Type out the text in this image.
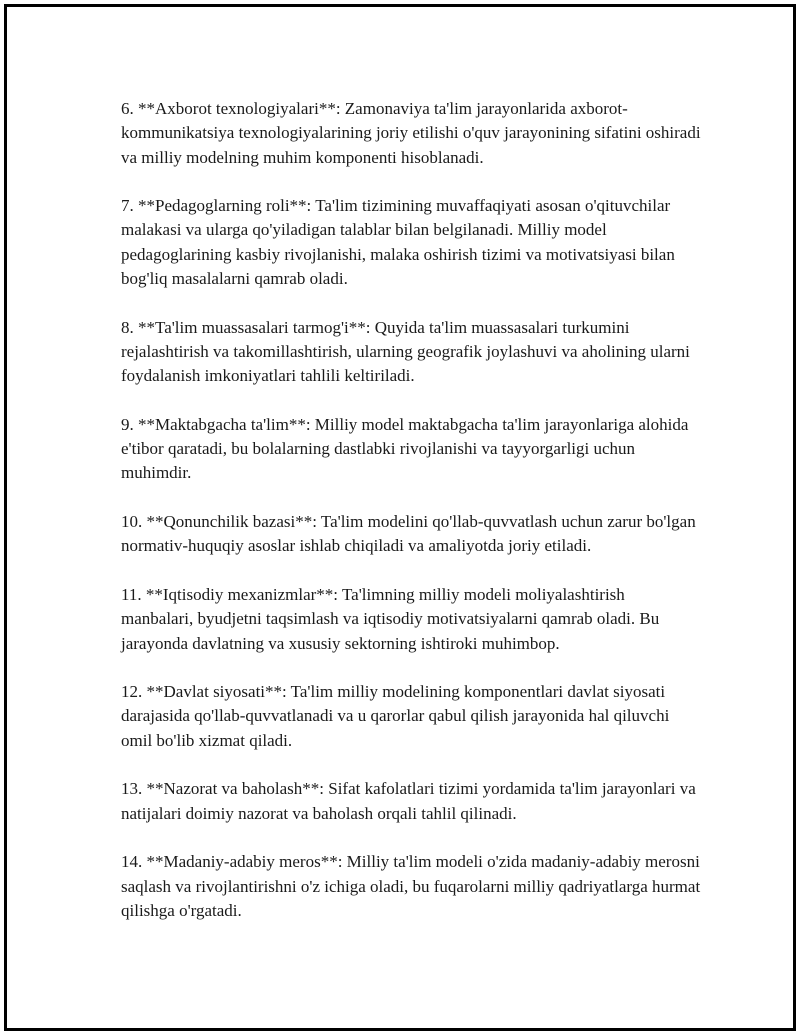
6. **Axborot texnologiyalari**: Zamonaviya ta'lim jarayonlarida axborot-kommunikatsiya texnologiyalarining joriy etilishi o'quv jarayonining sifatini oshiradi va milliy modelning muhim komponenti hisoblanadi.

7. **Pedagoglarning roli**: Ta'lim tizimining muvaffaqiyati asosan o'qituvchilar malakasi va ularga qo'yiladigan talablar bilan belgilanadi. Milliy model pedagoglarining kasbiy rivojlanishi, malaka oshirish tizimi va motivatsiyasi bilan bog'liq masalalarni qamrab oladi.

8. **Ta'lim muassasalari tarmog'i**: Quyida ta'lim muassasalari turkumini rejalashtirish va takomillashtirish, ularning geografik joylashuvi va aholining ularni foydalanish imkoniyatlari tahlili keltiriladi.

9. **Maktabgacha ta'lim**: Milliy model maktabgacha ta'lim jarayonlariga alohida e'tibor qaratadi, bu bolalarning dastlabki rivojlanishi va tayyorgarligi uchun muhimdir.

10. **Qonunchilik bazasi**: Ta'lim modelini qo'llab-quvvatlash uchun zarur bo'lgan normativ-huquqiy asoslar ishlab chiqiladi va amaliyotda joriy etiladi.

11. **Iqtisodiy mexanizmlar**: Ta'limning milliy modeli moliyalashtirish manbalari, byudjetni taqsimlash va iqtisodiy motivatsiyalarni qamrab oladi. Bu jarayonda davlatning va xususiy sektorning ishtiroki muhimbop.

12. **Davlat siyosati**: Ta'lim milliy modelining komponentlari davlat siyosati darajasida qo'llab-quvvatlanadi va u qarorlar qabul qilish jarayonida hal qiluvchi omil bo'lib xizmat qiladi.

13. **Nazorat va baholash**: Sifat kafolatlari tizimi yordamida ta'lim jarayonlari va natijalari doimiy nazorat va baholash orqali tahlil qilinadi.

14. **Madaniy-adabiy meros**: Milliy ta'lim modeli o'zida madaniy-adabiy merosni saqlash va rivojlantirishni o'z ichiga oladi, bu fuqarolarni milliy qadriyatlarga hurmat qilishga o'rgatadi.
